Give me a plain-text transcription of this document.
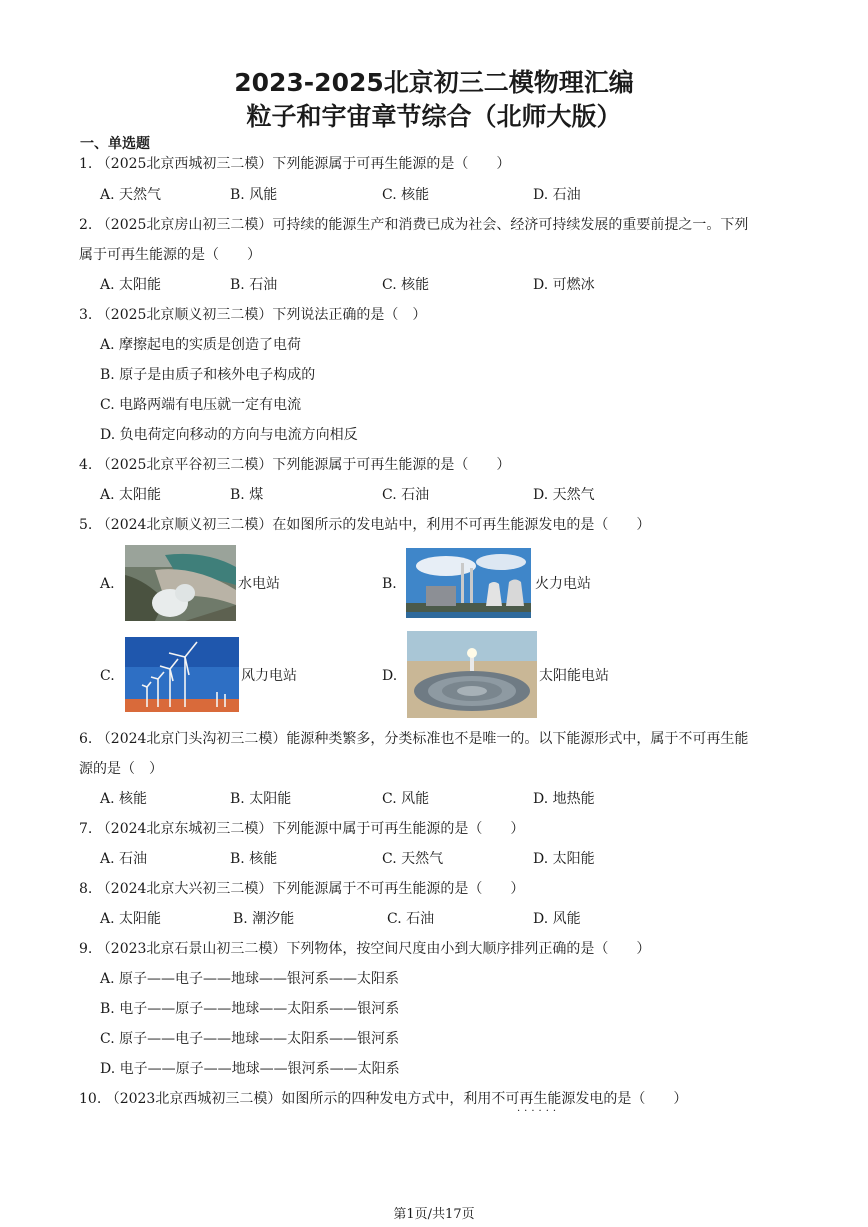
2023-2025北京初三二模物理汇编
粒子和宇宙章节综合（北师大版）
一、单选题
1. （2025北京西城初三二模）下列能源属于可再生能源的是（　　）
A. 天然气	B. 风能	C. 核能	D. 石油
2. （2025北京房山初三二模）可持续的能源生产和消费已成为社会、经济可持续发展的重要前提之一。下列
属于可再生能源的是（　　）
A. 太阳能	B. 石油	C. 核能	D. 可燃冰
3. （2025北京顺义初三二模）下列说法正确的是（　）
A. 摩擦起电的实质是创造了电荷
B. 原子是由质子和核外电子构成的
C. 电路两端有电压就一定有电流
D. 负电荷定向移动的方向与电流方向相反
4. （2025北京平谷初三二模）下列能源属于可再生能源的是（　　）
A. 太阳能	B. 煤	C. 石油	D. 天然气
5. （2024北京顺义初三二模）在如图所示的发电站中，利用不可再生能源发电的是（　　）
A.	水电站	B.	火力电站
C.	风力电站	D.	太阳能电站
6. （2024北京门头沟初三二模）能源种类繁多，分类标准也不是唯一的。以下能源形式中，属于不可再生能
源的是（　）
A. 核能	B. 太阳能	C. 风能	D. 地热能
7. （2024北京东城初三二模）下列能源中属于可再生能源的是（　　）
A. 石油	B. 核能	C. 天然气	D. 太阳能
8. （2024北京大兴初三二模）下列能源属于不可再生能源的是（　　）
A. 太阳能	B. 潮汐能	C. 石油	D. 风能
9. （2023北京石景山初三二模）下列物体，按空间尺度由小到大顺序排列正确的是（　　）
A. 原子——电子——地球——银河系——太阳系
B. 电子——原子——地球——太阳系——银河系
C. 原子——电子——地球——太阳系——银河系
D. 电子——原子——地球——银河系——太阳系
10. （2023北京西城初三二模）如图所示的四种发电方式中，利用不可再生能源发电的是（　　）
······
第1页/共17页
